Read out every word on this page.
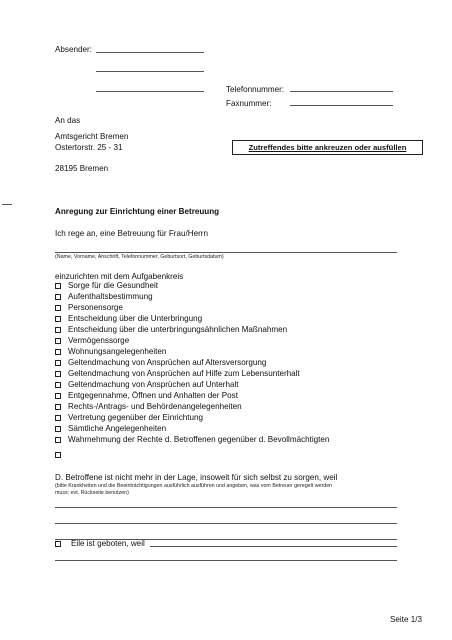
Absender:
Telefonnummer:
Faxnummer:
An das
Amtsgericht Bremen
Ostertorstr. 25 - 31
28195 Bremen
Zutreffendes bitte ankreuzen oder ausfüllen
Anregung zur Einrichtung einer Betreuung
Ich rege an, eine Betreuung für Frau/Herrn
(Name, Vorname, Anschrift, Telefonnummer, Geburtsort, Geburtsdatum)
einzurichten mit dem Aufgabenkreis
Sorge für die Gesundheit
Aufenthaltsbestimmung
Personensorge
Entscheidung über die Unterbringung
Entscheidung über die unterbringungsähnlichen Maßnahmen
Vermögenssorge
Wohnungsangelegenheiten
Geltendmachung von Ansprüchen auf Altersversorgung
Geltendmachung von Ansprüchen auf Hilfe zum Lebensunterhalt
Geltendmachung von Ansprüchen auf Unterhalt
Entgegennahme, Öffnen und Anhalten der Post
Rechts-/Antrags- und Behördenangelegenheiten
Vertretung gegenüber der Einrichtung
Sämtliche Angelegenheiten
Wahrnehmung der Rechte d. Betroffenen gegenüber d. Bevollmächtigten
D. Betroffene ist nicht mehr in der Lage, insoweit für sich selbst zu sorgen, weil
(bitte Krankheiten und die Beeinträchtigungen ausführlich ausführen und angeben, was vom Betreuer geregelt werden
muss; evt. Rückseite benutzen)
Eile ist geboten, weil
Seite 1/3
